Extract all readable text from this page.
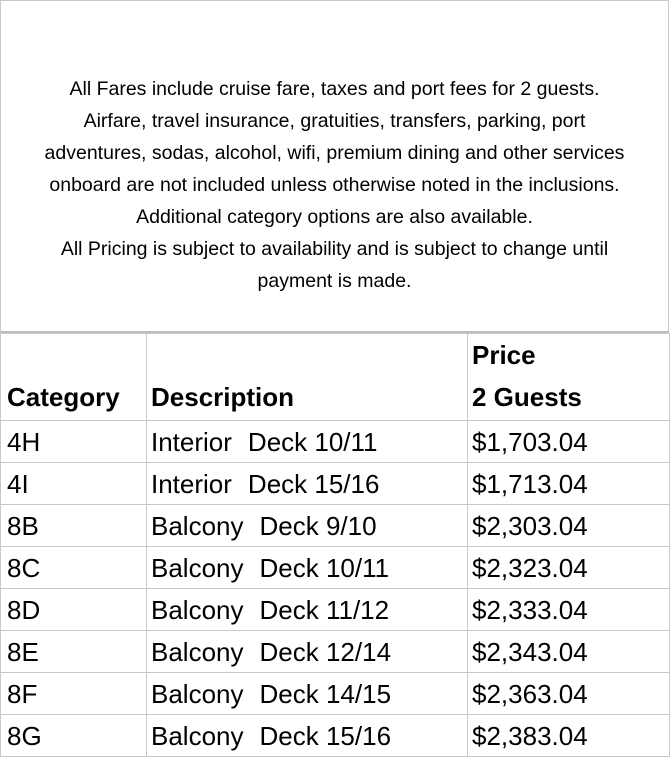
All Fares include cruise fare, taxes and port fees for 2 guests.
Airfare, travel insurance, gratuities, transfers, parking, port
adventures, sodas, alcohol, wifi, premium dining and other services
onboard are not included unless otherwise noted in the inclusions.
Additional category options are also available.
All Pricing is subject to availability and is subject to change until
payment is made.
Category	Description	Price
2 Guests

4H	Interior Deck 10/11	$1,703.04
4I	Interior Deck 15/16	$1,713.04
8B	Balcony Deck 9/10	$2,303.04
8C	Balcony Deck 10/11	$2,323.04
8D	Balcony Deck 11/12	$2,333.04
8E	Balcony Deck 12/14	$2,343.04
8F	Balcony Deck 14/15	$2,363.04
8G	Balcony Deck 15/16	$2,383.04
